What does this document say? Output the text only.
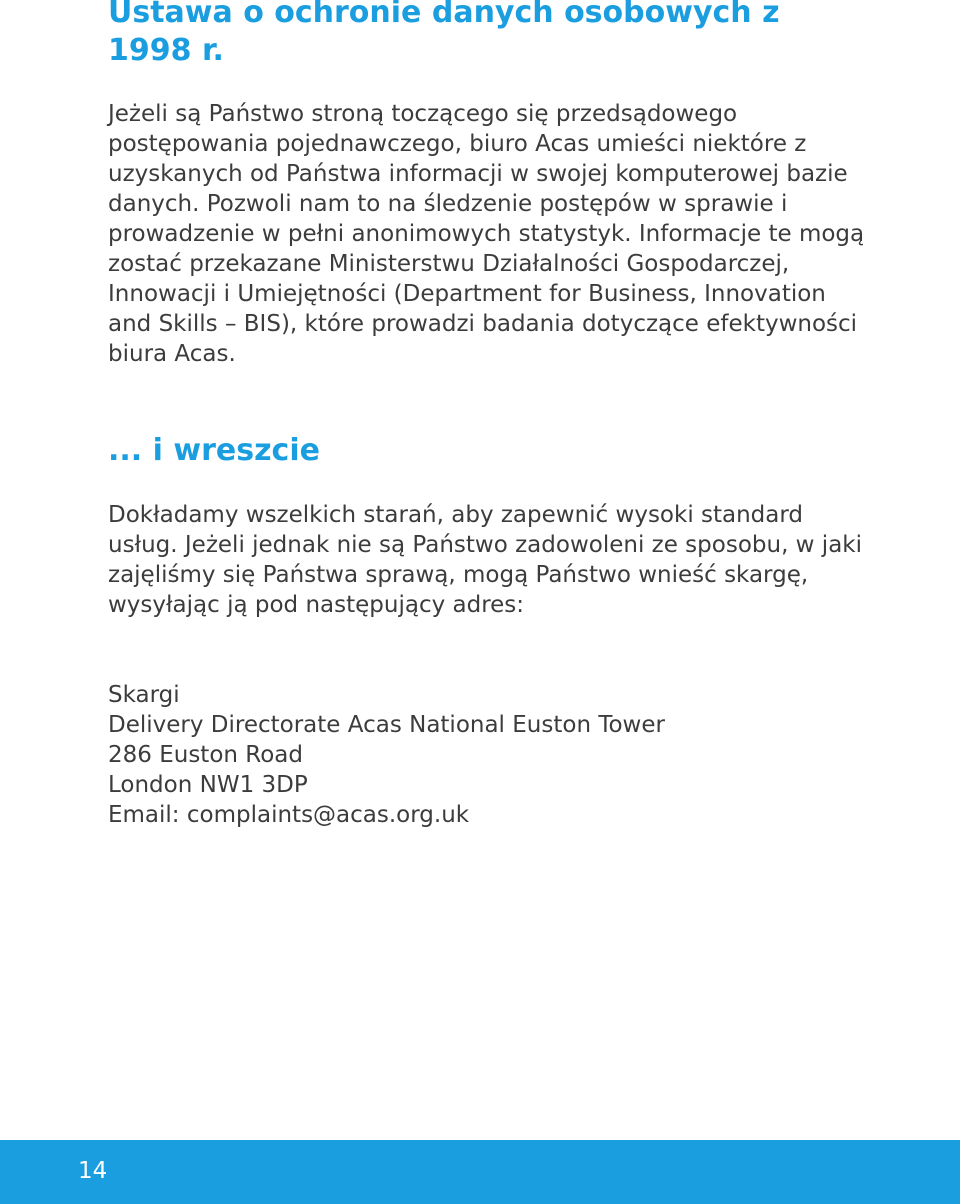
Ustawa o ochronie danych osobowych z 1998 r.

Jeżeli są Państwo stroną toczącego się przedsądowego postępowania pojednawczego, biuro Acas umieści niektóre z uzyskanych od Państwa informacji w swojej komputerowej bazie danych. Pozwoli nam to na śledzenie postępów w sprawie i prowadzenie w pełni anonimowych statystyk. Informacje te mogą zostać przekazane Ministerstwu Działalności Gospodarczej, Innowacji i Umiejętności (Department for Business, Innovation and Skills – BIS), które prowadzi badania dotyczące efektywności biura Acas.

... i wreszcie

Dokładamy wszelkich starań, aby zapewnić wysoki standard usług. Jeżeli jednak nie są Państwo zadowoleni ze sposobu, w jaki zajęliśmy się Państwa sprawą, mogą Państwo wnieść skargę, wysyłając ją pod następujący adres:

Skargi
Delivery Directorate Acas National Euston Tower
286 Euston Road
London NW1 3DP
Email: complaints@acas.org.uk
14
